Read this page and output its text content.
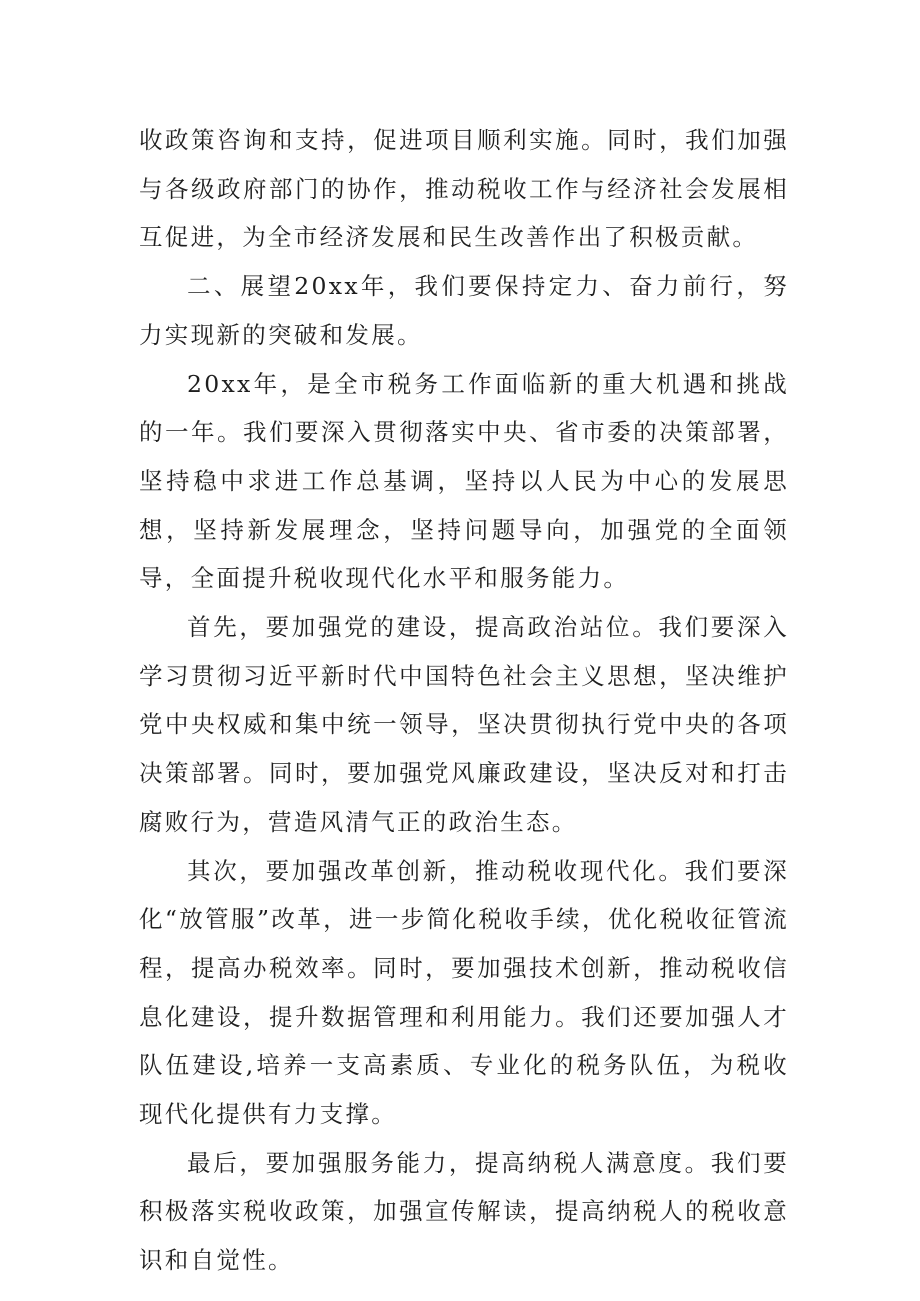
收政策咨询和支持，促进项目顺利实施。同时，我们加强与各级政府部门的协作，推动税收工作与经济社会发展相互促进，为全市经济发展和民生改善作出了积极贡献。

二、展望20xx年，我们要保持定力、奋力前行，努力实现新的突破和发展。

20xx年，是全市税务工作面临新的重大机遇和挑战的一年。我们要深入贯彻落实中央、省市委的决策部署，坚持稳中求进工作总基调，坚持以人民为中心的发展思想，坚持新发展理念，坚持问题导向，加强党的全面领导，全面提升税收现代化水平和服务能力。

首先，要加强党的建设，提高政治站位。我们要深入学习贯彻习近平新时代中国特色社会主义思想，坚决维护党中央权威和集中统一领导，坚决贯彻执行党中央的各项决策部署。同时，要加强党风廉政建设，坚决反对和打击腐败行为，营造风清气正的政治生态。

其次，要加强改革创新，推动税收现代化。我们要深化“放管服”改革，进一步简化税收手续，优化税收征管流程，提高办税效率。同时，要加强技术创新，推动税收信息化建设，提升数据管理和利用能力。我们还要加强人才队伍建设,培养一支高素质、专业化的税务队伍，为税收现代化提供有力支撑。

最后，要加强服务能力，提高纳税人满意度。我们要积极落实税收政策，加强宣传解读，提高纳税人的税收意识和自觉性。
